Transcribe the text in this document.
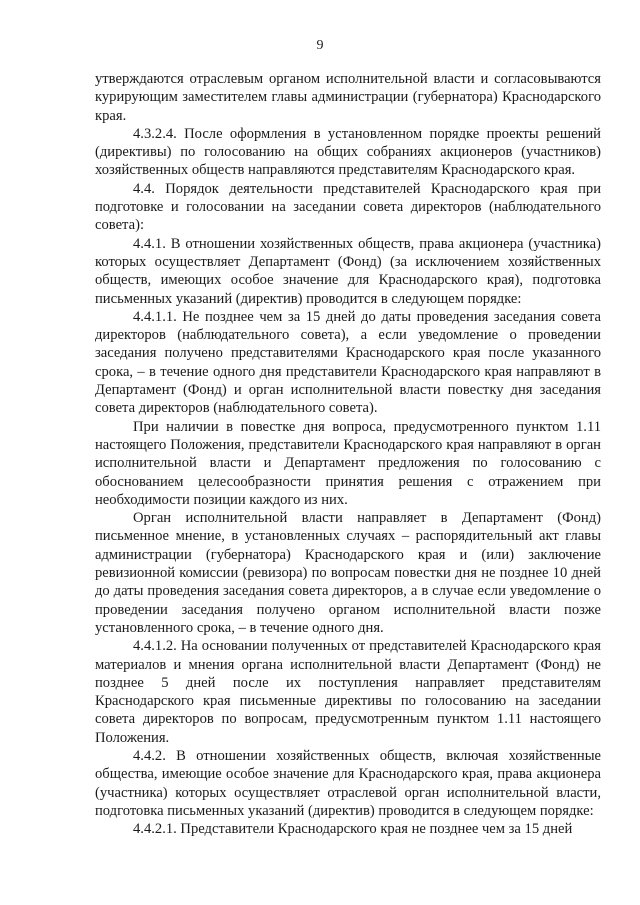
9

утверждаются отраслевым органом исполнительной власти и согласовываются курирующим заместителем главы администрации (губернатора) Краснодарского края.

4.3.2.4. После оформления в установленном порядке проекты решений (директивы) по голосованию на общих собраниях акционеров (участников) хозяйственных обществ направляются представителям Краснодарского края.

4.4. Порядок деятельности представителей Краснодарского края при подготовке и голосовании на заседании совета директоров (наблюдательного совета):

4.4.1. В отношении хозяйственных обществ, права акционера (участника) которых осуществляет Департамент (Фонд) (за исключением хозяйственных обществ, имеющих особое значение для Краснодарского края), подготовка письменных указаний (директив) проводится в следующем порядке:

4.4.1.1. Не позднее чем за 15 дней до даты проведения заседания совета директоров (наблюдательного совета), а если уведомление о проведении заседания получено представителями Краснодарского края после указанного срока, – в течение одного дня представители Краснодарского края направляют в Департамент (Фонд) и орган исполнительной власти повестку дня заседания совета директоров (наблюдательного совета).

При наличии в повестке дня вопроса, предусмотренного пунктом 1.11 настоящего Положения, представители Краснодарского края направляют в орган исполнительной власти и Департамент предложения по голосованию с обоснованием целесообразности принятия решения с отражением при необходимости позиции каждого из них.

Орган исполнительной власти направляет в Департамент (Фонд) письменное мнение, в установленных случаях – распорядительный акт главы администрации (губернатора) Краснодарского края и (или) заключение ревизионной комиссии (ревизора) по вопросам повестки дня не позднее 10 дней до даты проведения заседания совета директоров, а в случае если уведомление о проведении заседания получено органом исполнительной власти позже установленного срока, – в течение одного дня.

4.4.1.2. На основании полученных от представителей Краснодарского края материалов и мнения органа исполнительной власти Департамент (Фонд) не позднее 5 дней после их поступления направляет представителям Краснодарского края письменные директивы по голосованию на заседании совета директоров по вопросам, предусмотренным пунктом 1.11 настоящего Положения.

4.4.2. В отношении хозяйственных обществ, включая хозяйственные общества, имеющие особое значение для Краснодарского края, права акционера (участника) которых осуществляет отраслевой орган исполнительной власти, подготовка письменных указаний (директив) проводится в следующем порядке:

4.4.2.1. Представители Краснодарского края не позднее чем за 15 дней
